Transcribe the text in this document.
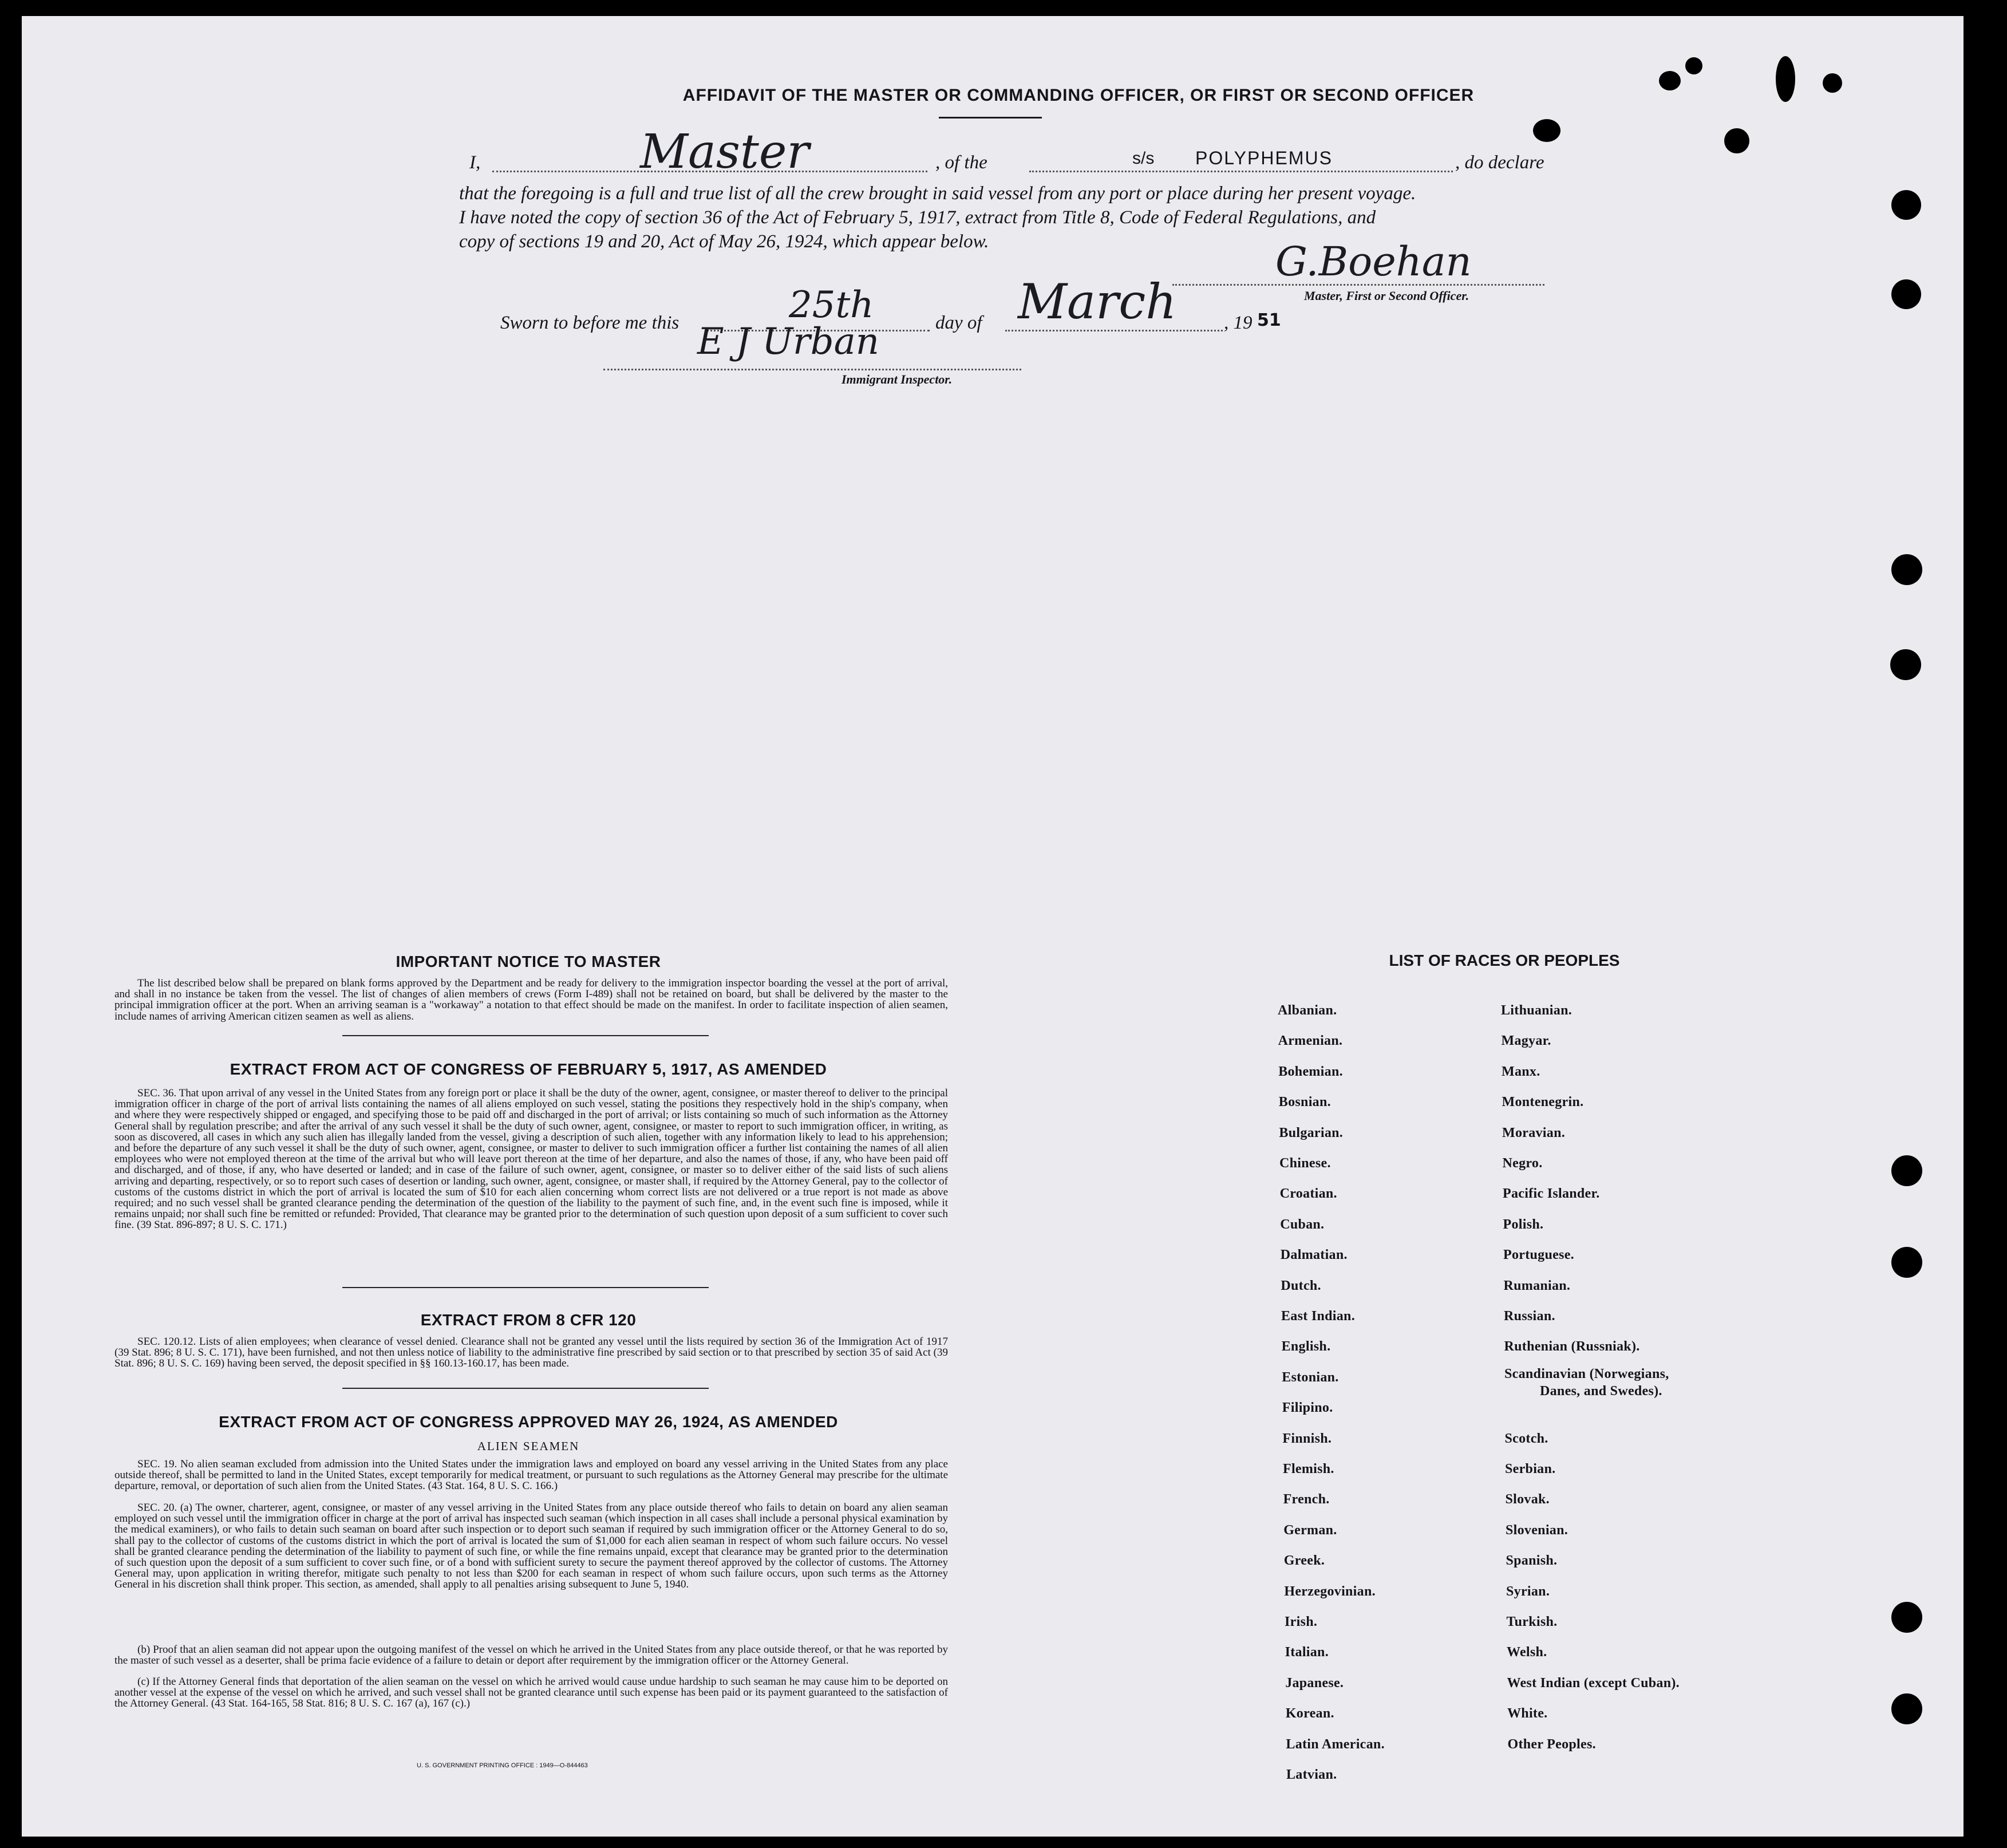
AFFIDAVIT OF THE MASTER OR COMMANDING OFFICER, OR FIRST OR SECOND OFFICER
I,	Master	, of the	s/s POLYPHEMUS	, do declare
that the foregoing is a full and true list of all the crew brought in said vessel from any port or place during her present voyage.
I have noted the copy of section 36 of the Act of February 5, 1917, extract from Title 8, Code of Federal Regulations, and
copy of sections 19 and 20, Act of May 26, 1924, which appear below.	G.Boehan
Master, First or Second Officer.
Sworn to before me this	25th	day of March	, 19 51
E J Urban
Immigrant Inspector.
IMPORTANT NOTICE TO MASTER
The list described below shall be prepared on blank forms approved by the Department and be ready for delivery to the immigration inspector boarding the vessel at the port of arrival, and shall in no instance be taken from the vessel. The list of changes of alien members of crews (Form I-489) shall not be retained on board, but shall be delivered by the master to the principal immigration officer at the port. When an arriving seaman is a "workaway" a notation to that effect should be made on the manifest. In order to facilitate inspection of alien seamen, include names of arriving American citizen seamen as well as aliens.
EXTRACT FROM ACT OF CONGRESS OF FEBRUARY 5, 1917, AS AMENDED
SEC. 36. That upon arrival of any vessel in the United States from any foreign port or place it shall be the duty of the owner, agent, consignee, or master thereof to deliver to the principal immigration officer in charge of the port of arrival lists containing the names of all aliens employed on such vessel, stating the positions they respectively hold in the ship's company, when and where they were respectively shipped or engaged, and specifying those to be paid off and discharged in the port of arrival; or lists containing so much of such information as the Attorney General shall by regulation prescribe; and after the arrival of any such vessel it shall be the duty of such owner, agent, consignee, or master to report to such immigration officer, in writing, as soon as discovered, all cases in which any such alien has illegally landed from the vessel, giving a description of such alien, together with any information likely to lead to his apprehension; and before the departure of any such vessel it shall be the duty of such owner, agent, consignee, or master to deliver to such immigration officer a further list containing the names of all alien employees who were not employed thereon at the time of the arrival but who will leave port thereon at the time of her departure, and also the names of those, if any, who have been paid off and discharged, and of those, if any, who have deserted or landed; and in case of the failure of such owner, agent, consignee, or master so to deliver either of the said lists of such aliens arriving and departing, respectively, or so to report such cases of desertion or landing, such owner, agent, consignee, or master shall, if required by the Attorney General, pay to the collector of customs of the customs district in which the port of arrival is located the sum of $10 for each alien concerning whom correct lists are not delivered or a true report is not made as above required; and no such vessel shall be granted clearance pending the determination of the question of the liability to the payment of such fine, and, in the event such fine is imposed, while it remains unpaid; nor shall such fine be remitted or refunded: Provided, That clearance may be granted prior to the determination of such question upon deposit of a sum sufficient to cover such fine. (39 Stat. 896-897; 8 U. S. C. 171.)
EXTRACT FROM 8 CFR 120
SEC. 120.12. Lists of alien employees; when clearance of vessel denied. Clearance shall not be granted any vessel until the lists required by section 36 of the Immigration Act of 1917 (39 Stat. 896; 8 U. S. C. 171), have been furnished, and not then unless notice of liability to the administrative fine prescribed by said section or to that prescribed by section 35 of said Act (39 Stat. 896; 8 U. S. C. 169) having been served, the deposit specified in §§ 160.13-160.17, has been made.
EXTRACT FROM ACT OF CONGRESS APPROVED MAY 26, 1924, AS AMENDED
ALIEN SEAMEN
SEC. 19. No alien seaman excluded from admission into the United States under the immigration laws and employed on board any vessel arriving in the United States from any place outside thereof, shall be permitted to land in the United States, except temporarily for medical treatment, or pursuant to such regulations as the Attorney General may prescribe for the ultimate departure, removal, or deportation of such alien from the United States. (43 Stat. 164, 8 U. S. C. 166.)
SEC. 20. (a) The owner, charterer, agent, consignee, or master of any vessel arriving in the United States from any place outside thereof who fails to detain on board any alien seaman employed on such vessel until the immigration officer in charge at the port of arrival has inspected such seaman (which inspection in all cases shall include a personal physical examination by the medical examiners), or who fails to detain such seaman on board after such inspection or to deport such seaman if required by such immigration officer or the Attorney General to do so, shall pay to the collector of customs of the customs district in which the port of arrival is located the sum of $1,000 for each alien seaman in respect of whom such failure occurs. No vessel shall be granted clearance pending the determination of the liability to payment of such fine, or while the fine remains unpaid, except that clearance may be granted prior to the determination of such question upon the deposit of a sum sufficient to cover such fine, or of a bond with sufficient surety to secure the payment thereof approved by the collector of customs. The Attorney General may, upon application in writing therefor, mitigate such penalty to not less than $200 for each seaman in respect of whom such failure occurs, upon such terms as the Attorney General in his discretion shall think proper. This section, as amended, shall apply to all penalties arising subsequent to June 5, 1940.
(b) Proof that an alien seaman did not appear upon the outgoing manifest of the vessel on which he arrived in the United States from any place outside thereof, or that he was reported by the master of such vessel as a deserter, shall be prima facie evidence of a failure to detain or deport after requirement by the immigration officer or the Attorney General.
(c) If the Attorney General finds that deportation of the alien seaman on the vessel on which he arrived would cause undue hardship to such seaman he may cause him to be deported on another vessel at the expense of the vessel on which he arrived, and such vessel shall not be granted clearance until such expense has been paid or its payment guaranteed to the satisfaction of the Attorney General. (43 Stat. 164-165, 58 Stat. 816; 8 U. S. C. 167 (a), 167 (c).)
U. S. GOVERNMENT PRINTING OFFICE : 1949—O-844463
LIST OF RACES OR PEOPLES
Albanian.
Armenian.
Bohemian.
Bosnian.
Bulgarian.
Chinese.
Croatian.
Cuban.
Dalmatian.
Dutch.
East Indian.
English.
Estonian.
Filipino.
Finnish.
Flemish.
French.
German.
Greek.
Herzegovinian.
Irish.
Italian.
Japanese.
Korean.
Latin American.
Latvian.
Lithuanian.
Magyar.
Manx.
Montenegrin.
Moravian.
Negro.
Pacific Islander.
Polish.
Portuguese.
Rumanian.
Russian.
Ruthenian (Russniak).
Scandinavian (Norwegians,
Danes, and Swedes).
Scotch.
Serbian.
Slovak.
Slovenian.
Spanish.
Syrian.
Turkish.
Welsh.
West Indian (except Cuban).
White.
Other Peoples.
